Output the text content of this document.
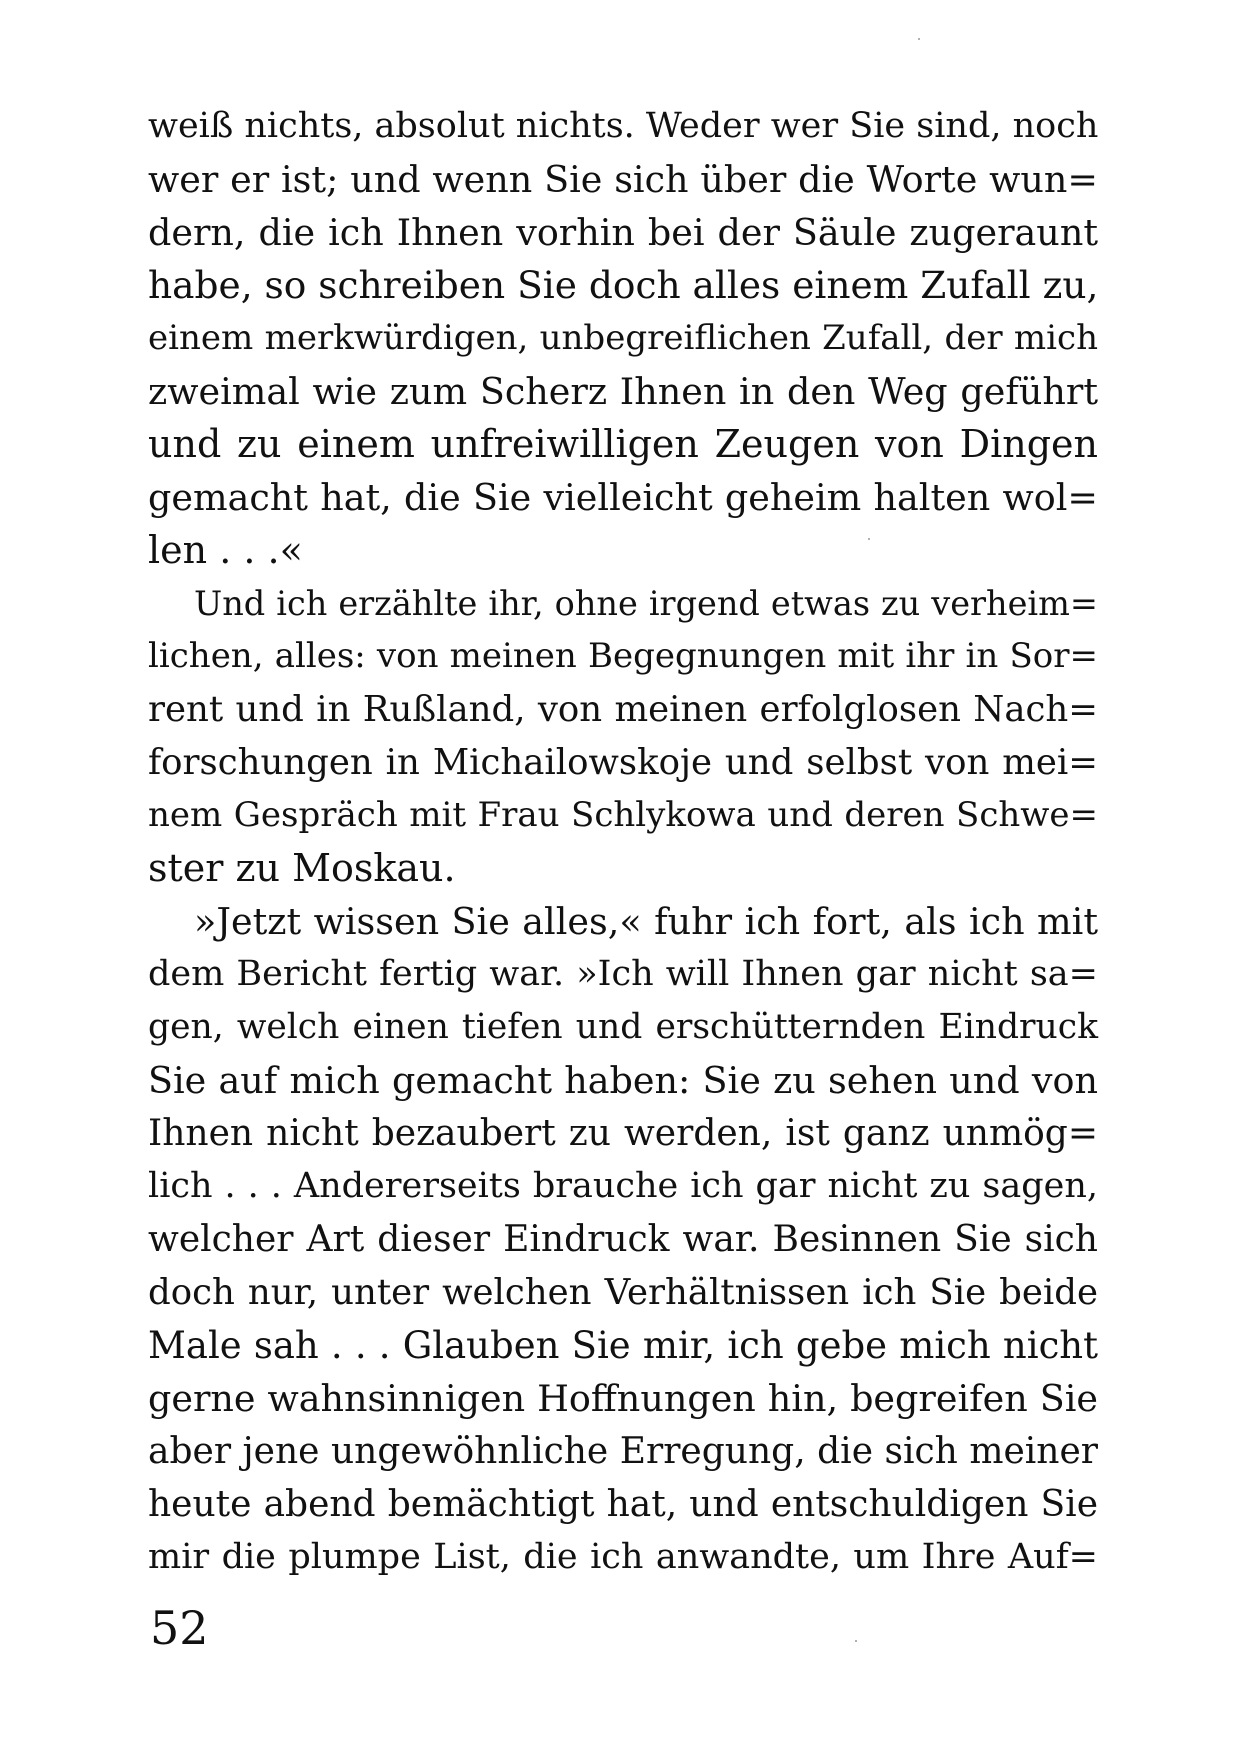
weiß nichts, absolut nichts. Weder wer Sie sind, noch
wer er ist; und wenn Sie sich über die Worte wun=
dern, die ich Ihnen vorhin bei der Säule zugeraunt
habe, so schreiben Sie doch alles einem Zufall zu,
einem merkwürdigen, unbegreiflichen Zufall, der mich
zweimal wie zum Scherz Ihnen in den Weg geführt
und zu einem unfreiwilligen Zeugen von Dingen
gemacht hat, die Sie vielleicht geheim halten wol=
len . . .«
Und ich erzählte ihr, ohne irgend etwas zu verheim=
lichen, alles: von meinen Begegnungen mit ihr in Sor=
rent und in Rußland, von meinen erfolglosen Nach=
forschungen in Michailowskoje und selbst von mei=
nem Gespräch mit Frau Schlykowa und deren Schwe=
ster zu Moskau.
»Jetzt wissen Sie alles,« fuhr ich fort, als ich mit
dem Bericht fertig war. »Ich will Ihnen gar nicht sa=
gen, welch einen tiefen und erschütternden Eindruck
Sie auf mich gemacht haben: Sie zu sehen und von
Ihnen nicht bezaubert zu werden, ist ganz unmög=
lich . . . Andererseits brauche ich gar nicht zu sagen,
welcher Art dieser Eindruck war. Besinnen Sie sich
doch nur, unter welchen Verhältnissen ich Sie beide
Male sah . . . Glauben Sie mir, ich gebe mich nicht
gerne wahnsinnigen Hoffnungen hin, begreifen Sie
aber jene ungewöhnliche Erregung, die sich meiner
heute abend bemächtigt hat, und entschuldigen Sie
mir die plumpe List, die ich anwandte, um Ihre Auf=
52
